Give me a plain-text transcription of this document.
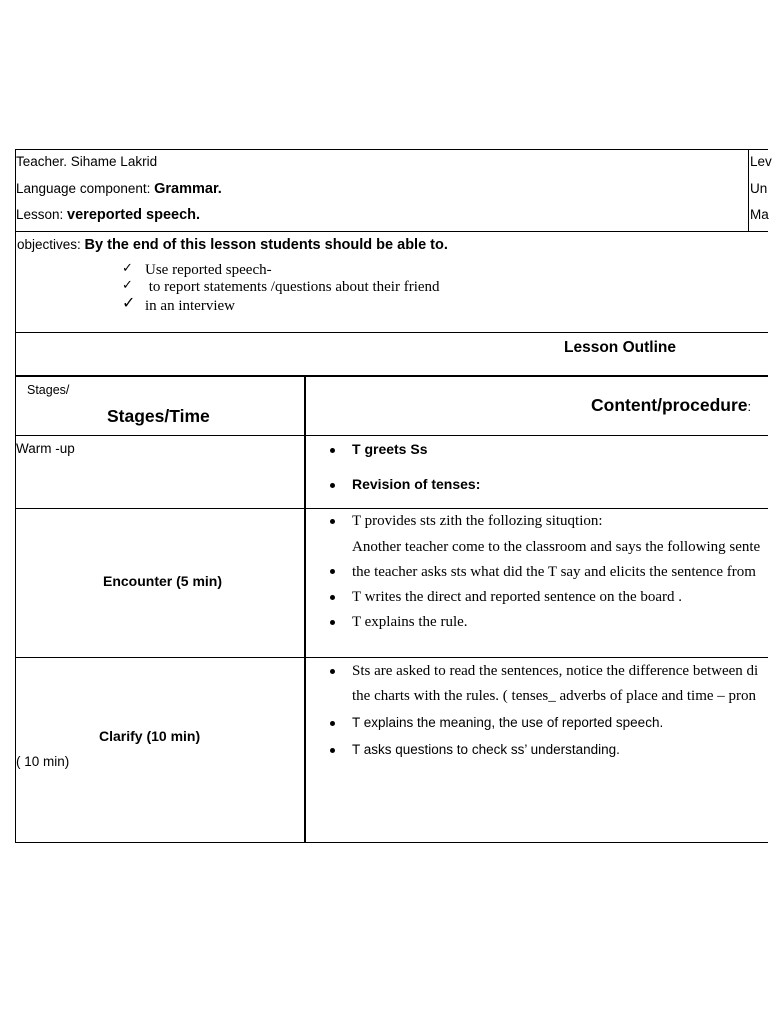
Teacher. Sihame Lakrid
Language component: Grammar.
Lesson: vereported speech.
Lev
Un
Ma
objectives: By the end of this lesson students should be able to.
✓ Use reported speech-
✓ to report statements /questions about their friend
✓ in an interview
Lesson Outline
Stages/
Stages/Time
Content/procedure:
Warm -up	T greets Ss
Revision of tenses:
Encounter (5 min)
T provides sts zith the follozing situqtion:
Another teacher come to the classroom and says the following sente
the teacher asks sts what did the T say and elicits the sentence from
T writes the direct and reported sentence on the board .
T explains the rule.
Clarify (10 min)
( 10 min)
Sts are asked to read the sentences, notice the difference between di
the charts with the rules. ( tenses_ adverbs of place and time – pron
T explains the meaning, the use of reported speech.
T asks questions to check ss’ understanding.
